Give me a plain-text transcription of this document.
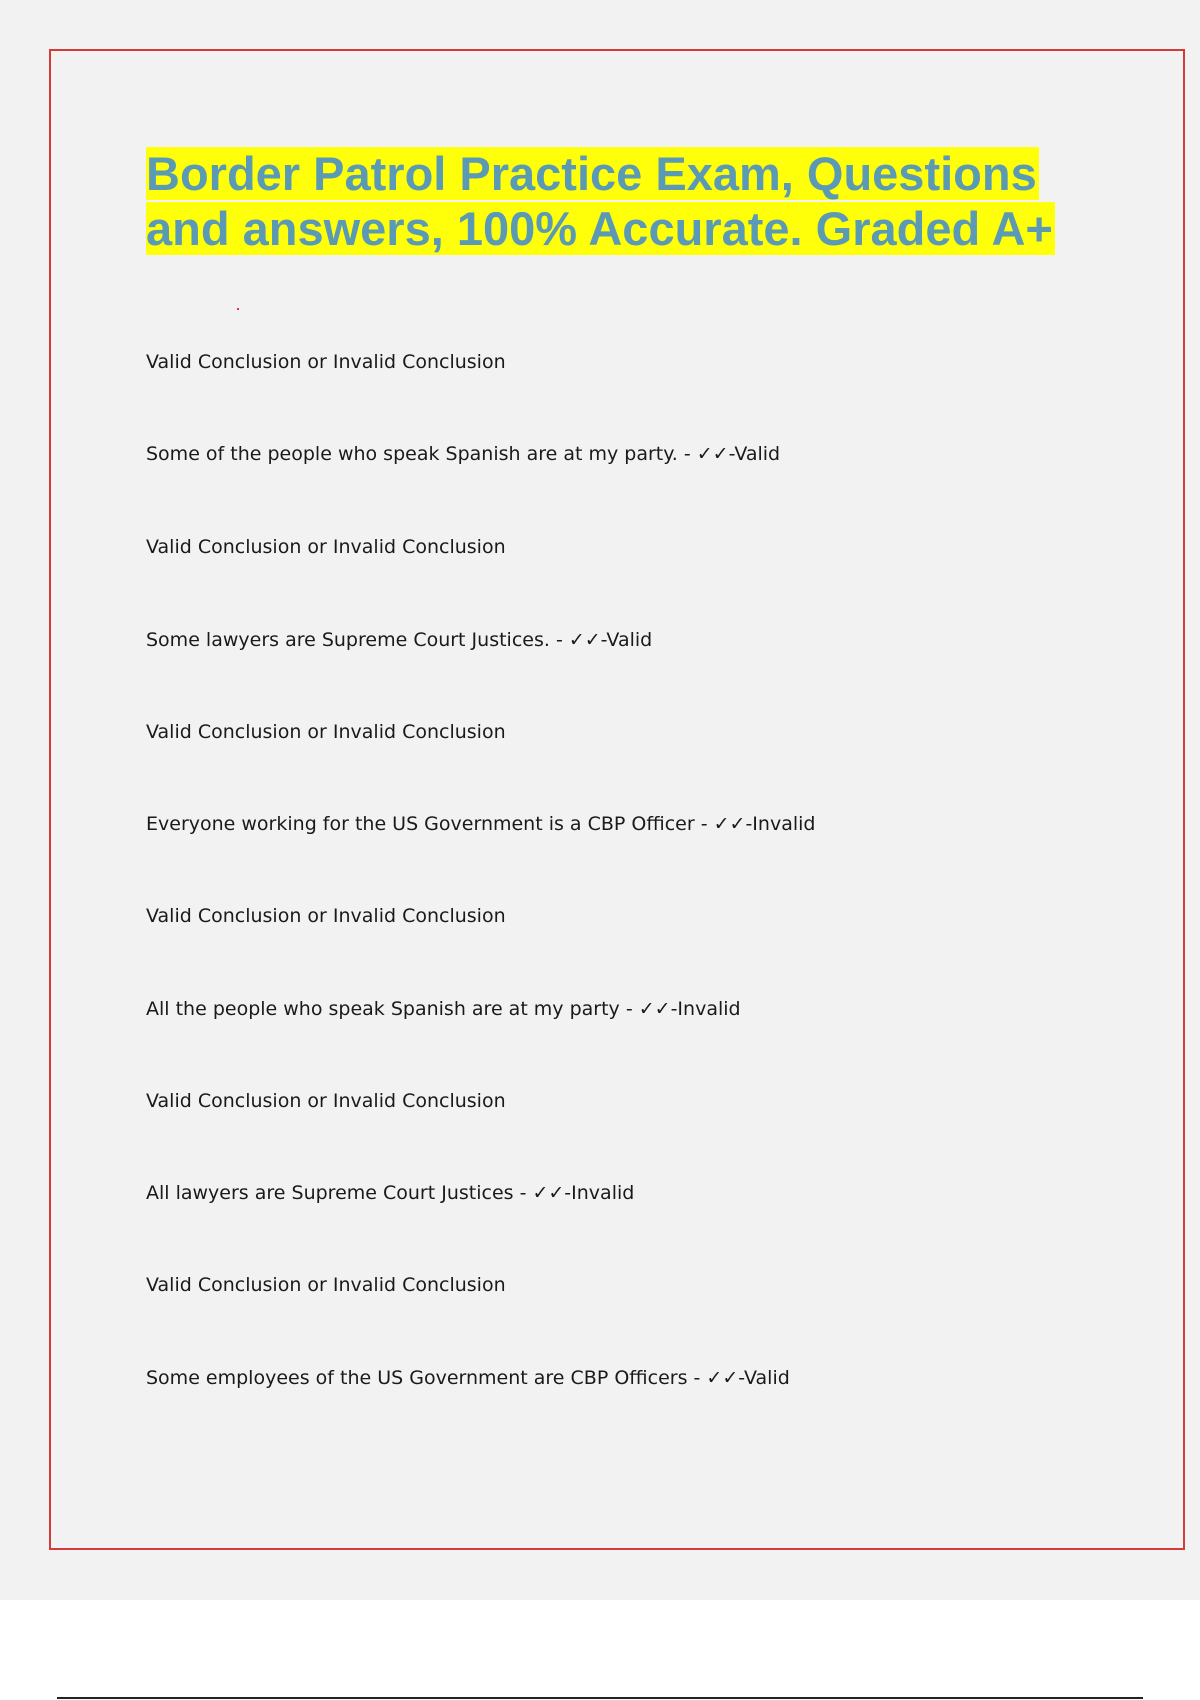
Border Patrol Practice Exam, Questions and answers, 100% Accurate. Graded A+
Valid Conclusion or Invalid Conclusion
Some of the people who speak Spanish are at my party. - ✓✓-Valid
Valid Conclusion or Invalid Conclusion
Some lawyers are Supreme Court Justices. - ✓✓-Valid
Valid Conclusion or Invalid Conclusion
Everyone working for the US Government is a CBP Officer - ✓✓-Invalid
Valid Conclusion or Invalid Conclusion
All the people who speak Spanish are at my party - ✓✓-Invalid
Valid Conclusion or Invalid Conclusion
All lawyers are Supreme Court Justices - ✓✓-Invalid
Valid Conclusion or Invalid Conclusion
Some employees of the US Government are CBP Officers - ✓✓-Valid
